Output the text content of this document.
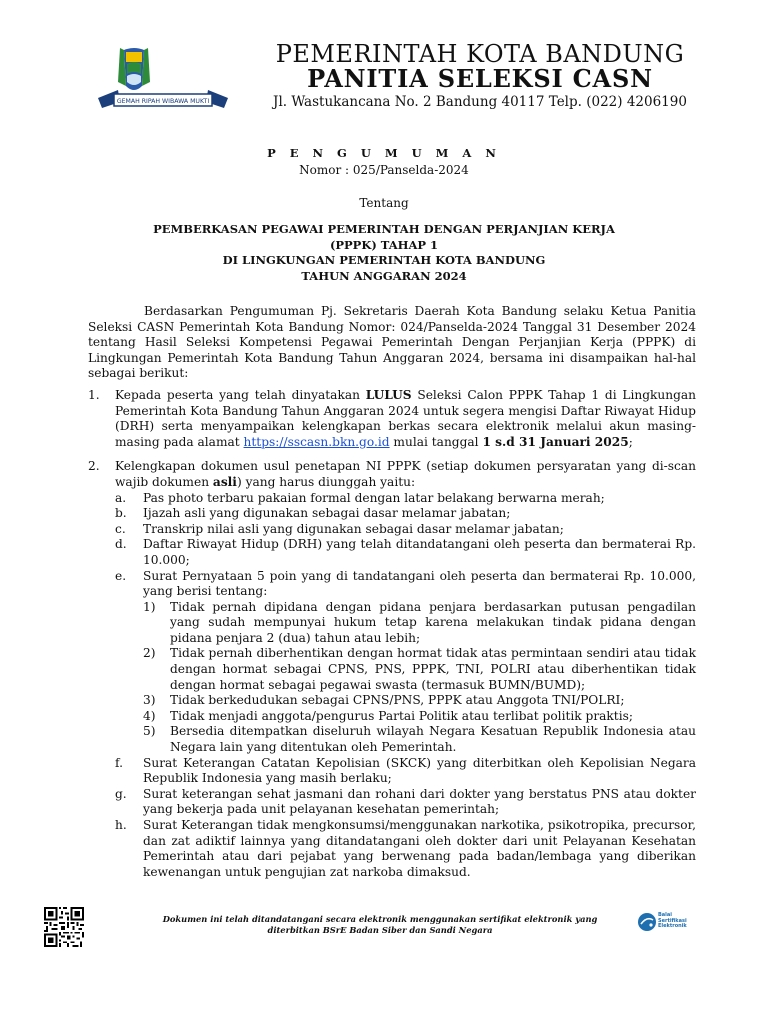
GEMAH RIPAH WIBAWA MUKTI
PEMERINTAH KOTA BANDUNG
PANITIA SELEKSI CASN
Jl. Wastukancana No. 2 Bandung 40117 Telp. (022) 4206190
P E N G U M U M A N
Nomor : 025/Panselda-2024
Tentang
PEMBERKASAN PEGAWAI PEMERINTAH DENGAN PERJANJIAN KERJA
(PPPK) TAHAP 1
DI LINGKUNGAN PEMERINTAH KOTA BANDUNG
TAHUN ANGGARAN 2024

Berdasarkan Pengumuman Pj. Sekretaris Daerah Kota Bandung selaku Ketua Panitia Seleksi CASN Pemerintah Kota Bandung Nomor: 024/Panselda-2024 Tanggal 31 Desember 2024 tentang Hasil Seleksi Kompetensi Pegawai Pemerintah Dengan Perjanjian Kerja (PPPK) di Lingkungan Pemerintah Kota Bandung Tahun Anggaran 2024, bersama ini disampaikan hal-hal sebagai berikut:

1. Kepada peserta yang telah dinyatakan LULUS Seleksi Calon PPPK Tahap 1 di Lingkungan Pemerintah Kota Bandung Tahun Anggaran 2024 untuk segera mengisi Daftar Riwayat Hidup (DRH) serta menyampaikan kelengkapan berkas secara elektronik melalui akun masing-masing pada alamat https://sscasn.bkn.go.id mulai tanggal 1 s.d 31 Januari 2025;
2. Kelengkapan dokumen usul penetapan NI PPPK (setiap dokumen persyaratan yang di-scan wajib dokumen asli) yang harus diunggah yaitu:
a. Pas photo terbaru pakaian formal dengan latar belakang berwarna merah;
b. Ijazah asli yang digunakan sebagai dasar melamar jabatan;
c. Transkrip nilai asli yang digunakan sebagai dasar melamar jabatan;
d. Daftar Riwayat Hidup (DRH) yang telah ditandatangani oleh peserta dan bermaterai Rp. 10.000;
e. Surat Pernyataan 5 poin yang di tandatangani oleh peserta dan bermaterai Rp. 10.000, yang berisi tentang:
1) Tidak pernah dipidana dengan pidana penjara berdasarkan putusan pengadilan yang sudah mempunyai hukum tetap karena melakukan tindak pidana dengan pidana penjara 2 (dua) tahun atau lebih;
2) Tidak pernah diberhentikan dengan hormat tidak atas permintaan sendiri atau tidak dengan hormat sebagai CPNS, PNS, PPPK, TNI, POLRI atau diberhentikan tidak dengan hormat sebagai pegawai swasta (termasuk BUMN/BUMD);
3) Tidak berkedudukan sebagai CPNS/PNS, PPPK atau Anggota TNI/POLRI;
4) Tidak menjadi anggota/pengurus Partai Politik atau terlibat politik praktis;
5) Bersedia ditempatkan diseluruh wilayah Negara Kesatuan Republik Indonesia atau Negara lain yang ditentukan oleh Pemerintah.
f. Surat Keterangan Catatan Kepolisian (SKCK) yang diterbitkan oleh Kepolisian Negara Republik Indonesia yang masih berlaku;
g. Surat keterangan sehat jasmani dan rohani dari dokter yang berstatus PNS atau dokter yang bekerja pada unit pelayanan kesehatan pemerintah;
h. Surat Keterangan tidak mengkonsumsi/menggunakan narkotika, psikotropika, precursor, dan zat adiktif lainnya yang ditandatangani oleh dokter dari unit Pelayanan Kesehatan Pemerintah atau dari pejabat yang berwenang pada badan/lembaga yang diberikan kewenangan untuk pengujian zat narkoba dimaksud.
Dokumen ini telah ditandatangani secara elektronik menggunakan sertifikat elektronik yang
diterbitkan BSrE Badan Siber dan Sandi Negara
Balai
Sertifikasi
Elektronik
